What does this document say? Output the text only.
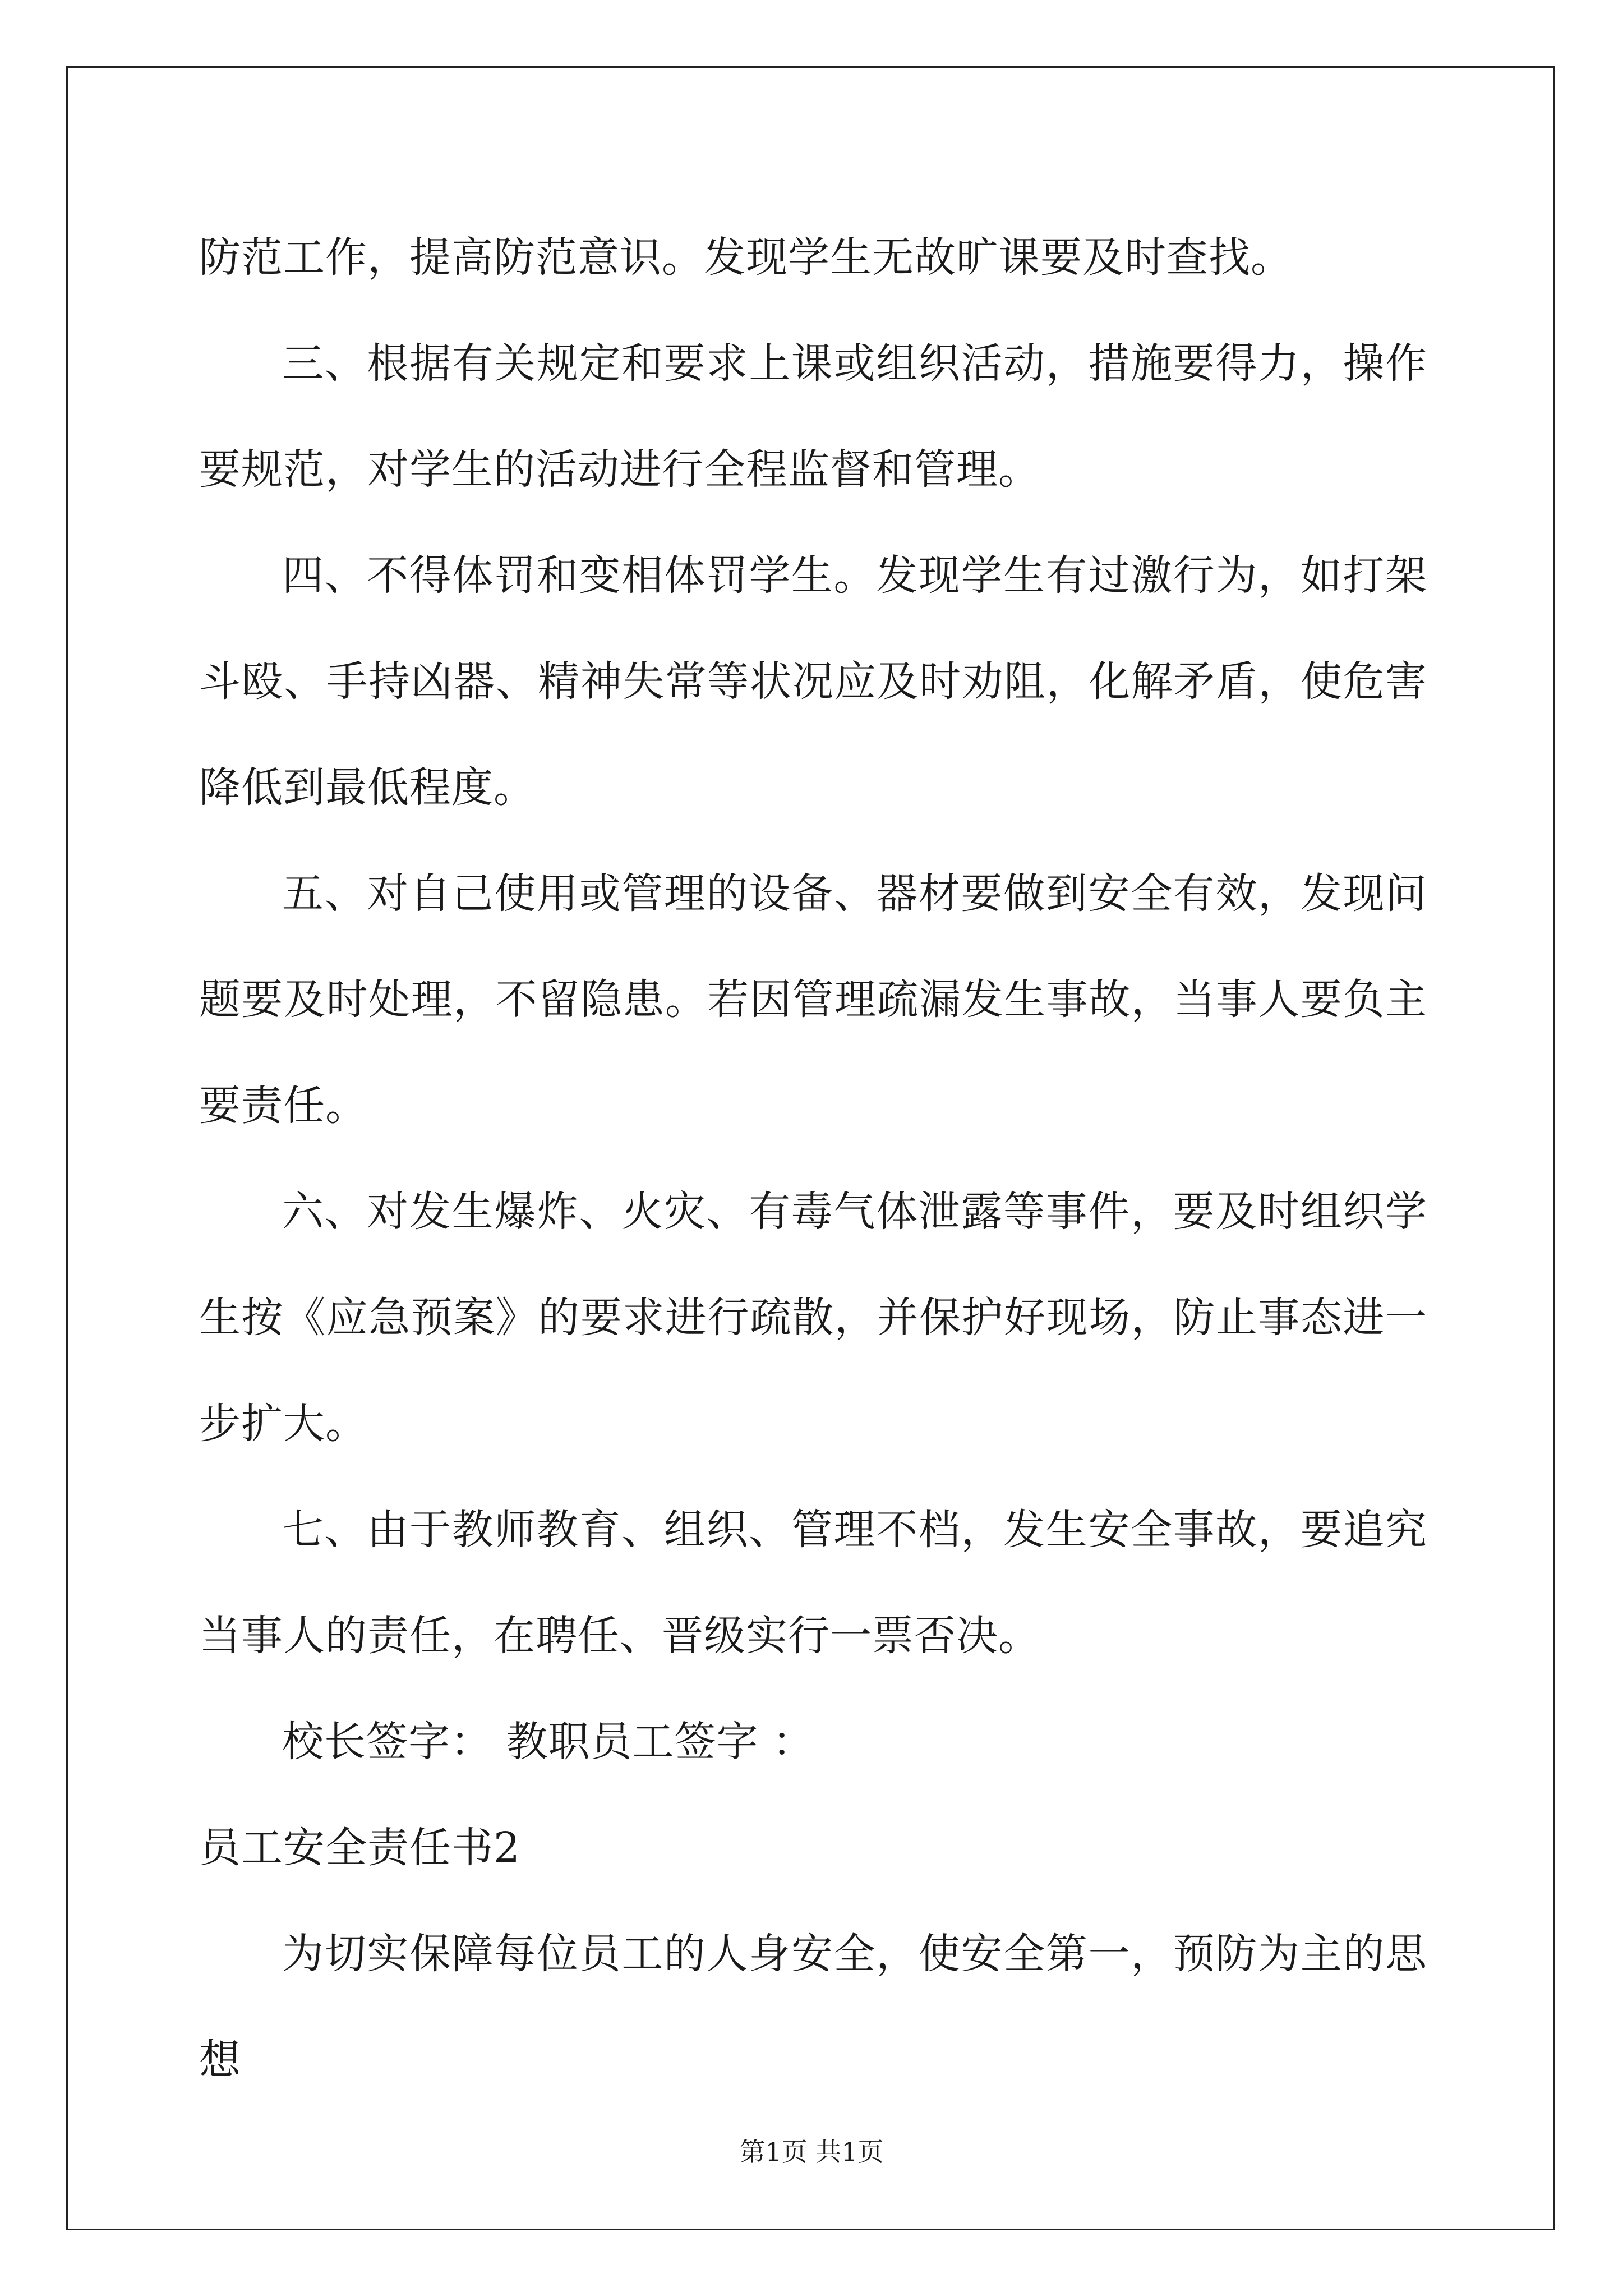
防范工作，提高防范意识。发现学生无故旷课要及时查找。

三、根据有关规定和要求上课或组织活动，措施要得力，操作要规范，对学生的活动进行全程监督和管理。

四、不得体罚和变相体罚学生。发现学生有过激行为，如打架斗殴、手持凶器、精神失常等状况应及时劝阻，化解矛盾，使危害降低到最低程度。

五、对自己使用或管理的设备、器材要做到安全有效，发现问题要及时处理，不留隐患。若因管理疏漏发生事故，当事人要负主要责任。

六、对发生爆炸、火灾、有毒气体泄露等事件，要及时组织学生按《应急预案》的要求进行疏散，并保护好现场，防止事态进一步扩大。

七、由于教师教育、组织、管理不档，发生安全事故，要追究当事人的责任，在聘任、晋级实行一票否决。

校长签字： 教职员工签字 ：

员工安全责任书2

为切实保障每位员工的人身安全，使安全第一，预防为主的思想

第1页 共1页
